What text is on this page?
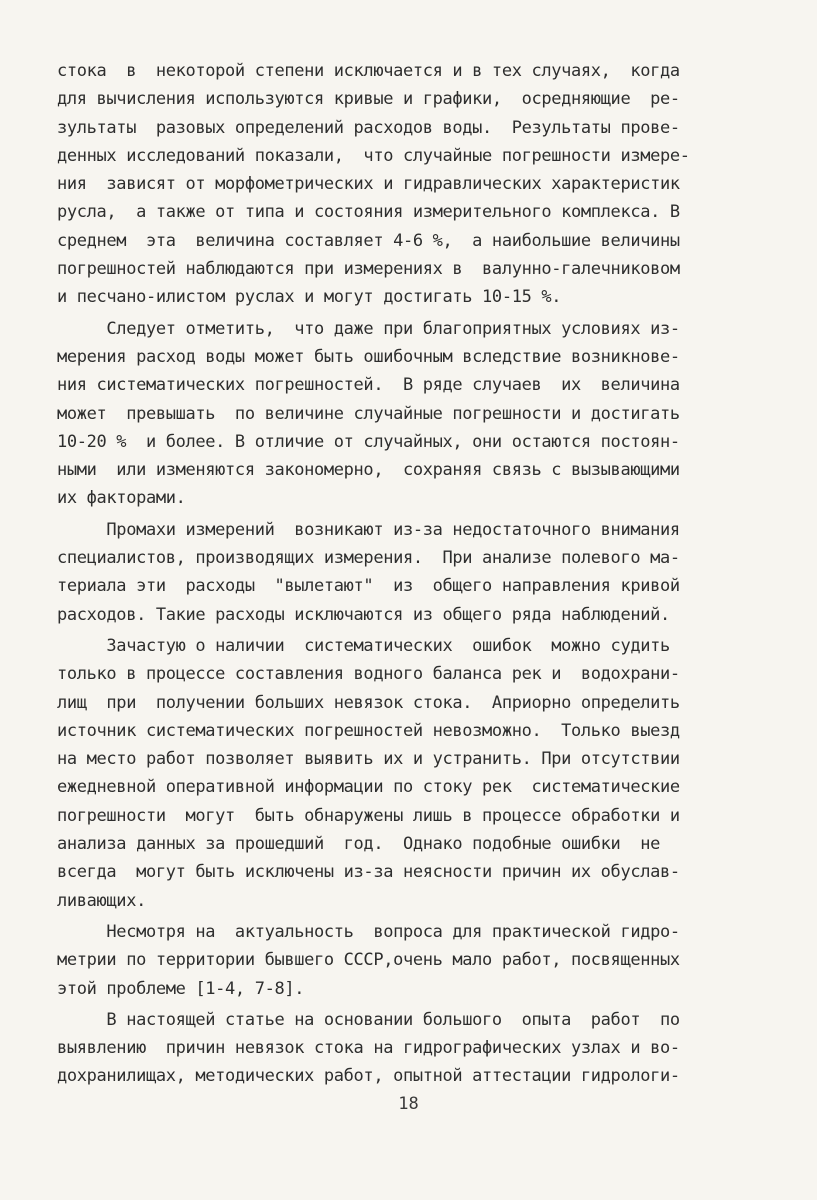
стока  в  некоторой степени исключается и в тех случаях,  когда
для вычисления используются кривые и графики,  осредняющие  ре-
зультаты  разовых определений расходов воды.  Результаты прове-
денных исследований показали,  что случайные погрешности измере-
ния  зависят от морфометрических и гидравлических характеристик
русла,  а также от типа и состояния измерительного комплекса. В
среднем  эта  величина составляет 4-6 %,  а наибольшие величины
погрешностей наблюдаются при измерениях в  валунно-галечниковом
и песчано-илистом руслах и могут достигать 10-15 %.
Следует отметить,  что даже при благоприятных условиях из-
мерения расход воды может быть ошибочным вследствие возникнове-
ния систематических погрешностей.  В ряде случаев  их  величина
может  превышать  по величине случайные погрешности и достигать
10-20 %  и более. В отличие от случайных, они остаются постоян-
ными  или изменяются закономерно,  сохраняя связь с вызывающими
их факторами.
Промахи измерений  возникают из-за недостаточного внимания
специалистов, производящих измерения.  При анализе полевого ма-
териала эти  расходы  "вылетают"  из  общего направления кривой
расходов. Такие расходы исключаются из общего ряда наблюдений.
Зачастую о наличии  систематических  ошибок  можно судить
только в процессе составления водного баланса рек и  водохрани-
лищ  при  получении больших невязок стока.  Априорно определить
источник систематических погрешностей невозможно.  Только выезд
на место работ позволяет выявить их и устранить. При отсутствии
ежедневной оперативной информации по стоку рек  систематические
погрешности  могут  быть обнаружены лишь в процессе обработки и
анализа данных за прошедший  год.  Однако подобные ошибки  не
всегда  могут быть исключены из-за неясности причин их обуслав-
ливающих.
Несмотря на  актуальность  вопроса для практической гидро-
метрии по территории бывшего СССР,очень мало работ, посвященных
этой проблеме [1-4, 7-8].
В настоящей статье на основании большого  опыта  работ  по
выявлению  причин невязок стока на гидрографических узлах и во-
дохранилищах, методических работ, опытной аттестации гидрологи-
18
